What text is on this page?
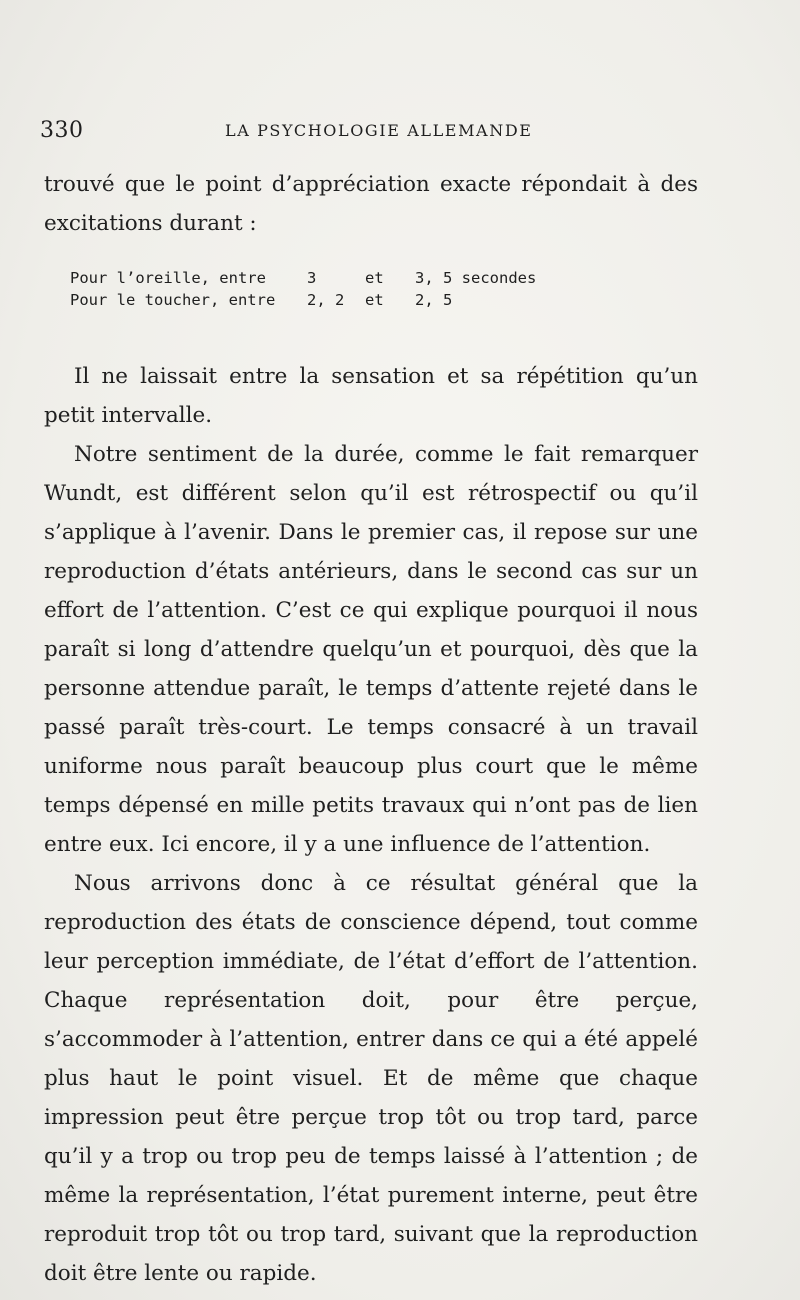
330	LA PSYCHOLOGIE ALLEMANDE

trouvé que le point d’appréciation exacte répondait à des

excitations durant :

Pour l’oreille, entre	3	et	3, 5 secondes
Pour le toucher, entre	2, 2	et	2, 5

Il ne laissait entre la sensation et sa répétition qu’un petit intervalle.

Notre sentiment de la durée, comme le fait remarquer Wundt, est différent selon qu’il est rétrospectif ou qu’il s’applique à l’avenir. Dans le premier cas, il repose sur une reproduction d’états antérieurs, dans le second cas sur un effort de l’attention. C’est ce qui explique pourquoi il nous paraît si long d’attendre quelqu’un et pourquoi, dès que la personne attendue paraît, le temps d’attente rejeté dans le passé paraît très-court. Le temps consacré à un travail uniforme nous paraît beaucoup plus court que le même temps dépensé en mille petits travaux qui n’ont pas de lien entre eux. Ici encore, il y a une influence de l’attention.

Nous arrivons donc à ce résultat général que la reproduction des états de conscience dépend, tout comme leur perception immédiate, de l’état d’effort de l’attention. Chaque représentation doit, pour être perçue, s’accommoder à l’attention, entrer dans ce qui a été appelé plus haut le point visuel. Et de même que chaque impression peut être perçue trop tôt ou trop tard, parce qu’il y a trop ou trop peu de temps laissé à l’attention ; de même la représentation, l’état purement interne, peut être reproduit trop tôt ou trop tard, suivant que la reproduction doit être lente ou rapide.
